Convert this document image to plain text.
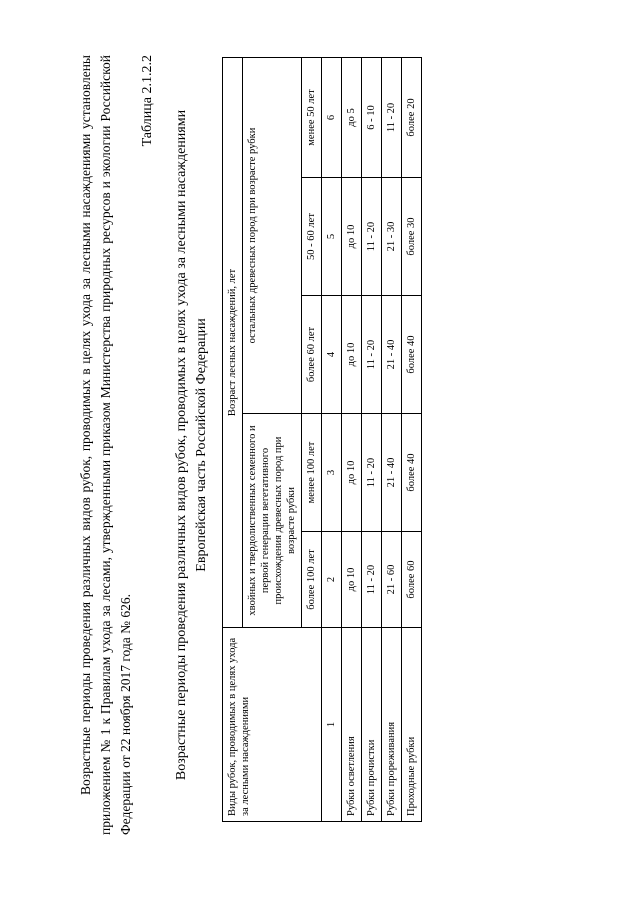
Возрастные периоды проведения различных видов рубок, проводимых в целях ухода за лесными насаждениями установлены приложением № 1 к Правилам ухода за лесами, утвержденными приказом Министерства природных ресурсов и экологии Российской Федерации от 22 ноября 2017 года № 626.
Таблица 2.1.2.2
Возрастные периоды проведения различных видов рубок, проводимых в целях ухода за лесными насаждениями Европейская часть Российской Федерации
Виды рубок, проводимых в целях ухода за лесными насаждениями	Возраст лесных насаждений, лет				
	хвойных и твердолиственных семенного и первой генерации вегетативного происхождения древесных пород при возрасте рубки		остальных древесных пород при возрасте рубки		
	более 100 лет	менее 100 лет	более 60 лет	50 - 60 лет	менее 50 лет
1	2	3	4	5	6
Рубки осветления	до 10	до 10	до 10	до 10	до 5
Рубки прочистки	11 - 20	11 - 20	11 - 20	11 - 20	6 - 10
Рубки прореживания	21 - 60	21 - 40	21 - 40	21 - 30	11 - 20
Проходные рубки	более 60	более 40	более 40	более 30	более 20
